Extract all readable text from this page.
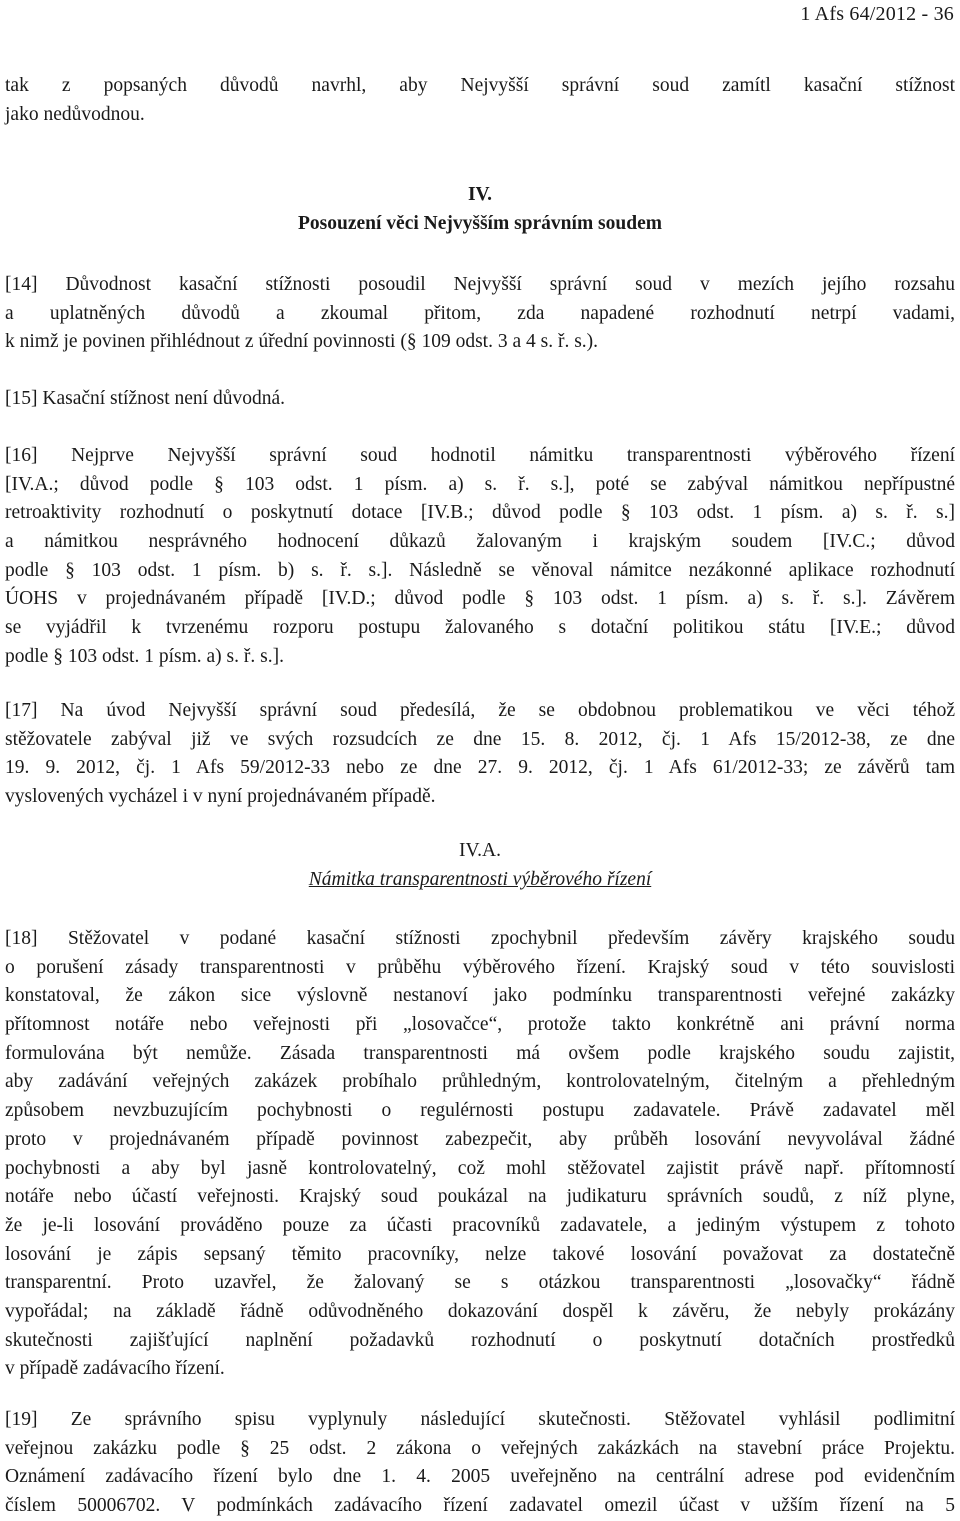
1 Afs 64/2012 - 36
tak z popsaných důvodů navrhl, aby Nejvyšší správní soud zamítl kasační stížnost
jako nedůvodnou.
IV.
Posouzení věci Nejvyšším správním soudem
[14] Důvodnost kasační stížnosti posoudil Nejvyšší správní soud v mezích jejího rozsahu
a uplatněných důvodů a zkoumal přitom, zda napadené rozhodnutí netrpí vadami,
k nimž je povinen přihlédnout z úřední povinnosti (§ 109 odst. 3 a 4 s. ř. s.).
[15] Kasační stížnost není důvodná.
[16] Nejprve Nejvyšší správní soud hodnotil námitku transparentnosti výběrového řízení
[IV.A.; důvod podle § 103 odst. 1 písm. a) s. ř. s.], poté se zabýval námitkou nepřípustné
retroaktivity rozhodnutí o poskytnutí dotace [IV.B.; důvod podle § 103 odst. 1 písm. a) s. ř. s.]
a námitkou nesprávného hodnocení důkazů žalovaným i krajským soudem [IV.C.; důvod
podle § 103 odst. 1 písm. b) s. ř. s.]. Následně se věnoval námitce nezákonné aplikace rozhodnutí
ÚOHS v projednávaném případě [IV.D.; důvod podle § 103 odst. 1 písm. a) s. ř. s.]. Závěrem
se vyjádřil k tvrzenému rozporu postupu žalovaného s dotační politikou státu [IV.E.; důvod
podle § 103 odst. 1 písm. a) s. ř. s.].
[17] Na úvod Nejvyšší správní soud předesílá, že se obdobnou problematikou ve věci téhož
stěžovatele zabýval již ve svých rozsudcích ze dne 15. 8. 2012, čj. 1 Afs 15/2012-38, ze dne
19. 9. 2012, čj. 1 Afs 59/2012-33 nebo ze dne 27. 9. 2012, čj. 1 Afs 61/2012-33; ze závěrů tam
vyslovených vycházel i v nyní projednávaném případě.
IV.A.
Námitka transparentnosti výběrového řízení
[18] Stěžovatel v podané kasační stížnosti zpochybnil především závěry krajského soudu
o porušení zásady transparentnosti v průběhu výběrového řízení. Krajský soud v této souvislosti
konstatoval, že zákon sice výslovně nestanoví jako podmínku transparentnosti veřejné zakázky
přítomnost notáře nebo veřejnosti při „losovačce“, protože takto konkrétně ani právní norma
formulována být nemůže. Zásada transparentnosti má ovšem podle krajského soudu zajistit,
aby zadávání veřejných zakázek probíhalo průhledným, kontrolovatelným, čitelným a přehledným
způsobem nevzbuzujícím pochybnosti o regulérnosti postupu zadavatele. Právě zadavatel měl
proto v projednávaném případě povinnost zabezpečit, aby průběh losování nevyvolával žádné
pochybnosti a aby byl jasně kontrolovatelný, což mohl stěžovatel zajistit právě např. přítomností
notáře nebo účastí veřejnosti. Krajský soud poukázal na judikaturu správních soudů, z níž plyne,
že je-li losování prováděno pouze za účasti pracovníků zadavatele, a jediným výstupem z tohoto
losování je zápis sepsaný těmito pracovníky, nelze takové losování považovat za dostatečně
transparentní. Proto uzavřel, že žalovaný se s otázkou transparentnosti „losovačky“ řádně
vypořádal; na základě řádně odůvodněného dokazování dospěl k závěru, že nebyly prokázány
skutečnosti zajišťující naplnění požadavků rozhodnutí o poskytnutí dotačních prostředků
v případě zadávacího řízení.
[19] Ze správního spisu vyplynuly následující skutečnosti. Stěžovatel vyhlásil podlimitní
veřejnou zakázku podle § 25 odst. 2 zákona o veřejných zakázkách na stavební práce Projektu.
Oznámení zadávacího řízení bylo dne 1. 4. 2005 uveřejněno na centrální adrese pod evidenčním
číslem 50006702. V podmínkách zadávacího řízení zadavatel omezil účast v užším řízení na 5
